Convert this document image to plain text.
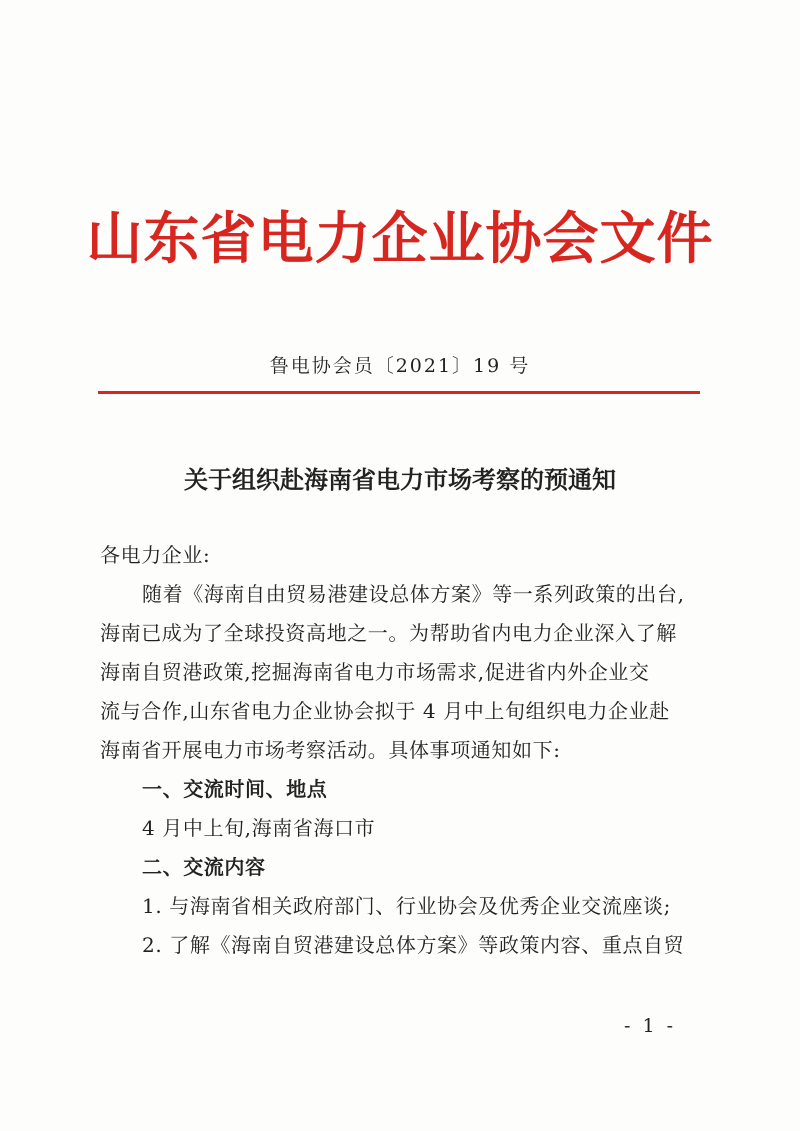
山东省电力企业协会文件
鲁电协会员〔2021〕19 号
关于组织赴海南省电力市场考察的预通知
各电力企业:
随着《海南自由贸易港建设总体方案》等一系列政策的出台,
海南已成为了全球投资高地之一。为帮助省内电力企业深入了解
海南自贸港政策,挖掘海南省电力市场需求,促进省内外企业交
流与合作,山东省电力企业协会拟于 4 月中上旬组织电力企业赴
海南省开展电力市场考察活动。具体事项通知如下:
一、交流时间、地点
4 月中上旬,海南省海口市
二、交流内容
1. 与海南省相关政府部门、行业协会及优秀企业交流座谈;
2. 了解《海南自贸港建设总体方案》等政策内容、重点自贸
- 1 -
